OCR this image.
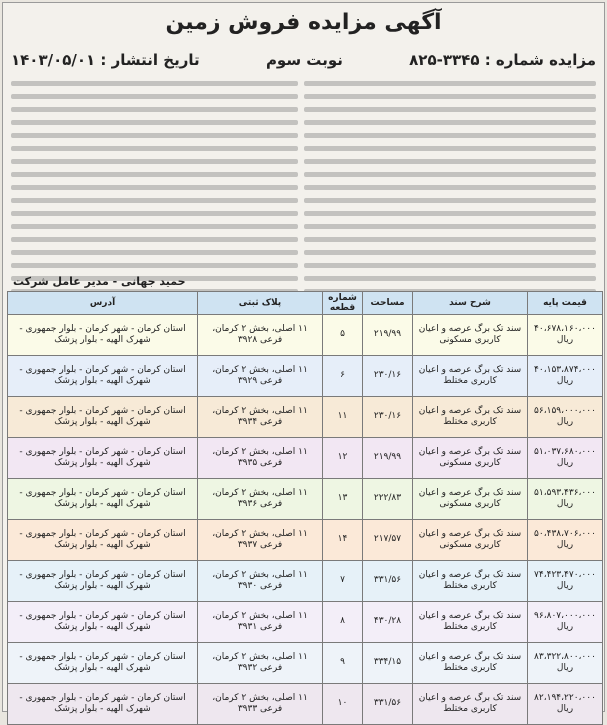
آگهی مزایده فروش زمین
مزایده شماره : ۳۳۴۵-۸۲۵
نوبت سوم
تاریخ انتشار : ۱۴۰۳/۰۵/۰۱
حمید جهانی - مدیر عامل شرکت
قیمت پایه	شرح سند	مساحت	شماره قطعه	پلاک ثبتی	آدرس
۴۰،۶۷۸،۱۶۰،۰۰۰ ریال	سند تک برگ عرصه و اعیان کاربری مسکونی	۲۱۹/۹۹	۵	۱۱ اصلی، بخش ۲ کرمان، فرعی ۳۹۲۸	استان کرمان - شهر کرمان - بلوار جمهوری - شهرک الهیه - بلوار پزشک
۴۰،۱۵۳،۸۷۴،۰۰۰ ریال	سند تک برگ عرصه و اعیان کاربری مختلط	۲۳۰/۱۶	۶	۱۱ اصلی، بخش ۲ کرمان، فرعی ۳۹۲۹	استان کرمان - شهر کرمان - بلوار جمهوری - شهرک الهیه - بلوار پزشک
۵۶،۱۵۹،۰۰۰،۰۰۰ ریال	سند تک برگ عرصه و اعیان کاربری مختلط	۲۳۰/۱۶	۱۱	۱۱ اصلی، بخش ۲ کرمان، فرعی ۳۹۳۴	استان کرمان - شهر کرمان - بلوار جمهوری - شهرک الهیه - بلوار پزشک
۵۱،۰۳۷،۶۸۰،۰۰۰ ریال	سند تک برگ عرصه و اعیان کاربری مسکونی	۲۱۹/۹۹	۱۲	۱۱ اصلی، بخش ۲ کرمان، فرعی ۳۹۳۵	استان کرمان - شهر کرمان - بلوار جمهوری - شهرک الهیه - بلوار پزشک
۵۱،۵۹۳،۴۳۶،۰۰۰ ریال	سند تک برگ عرصه و اعیان کاربری مسکونی	۲۲۲/۸۳	۱۳	۱۱ اصلی، بخش ۲ کرمان، فرعی ۳۹۳۶	استان کرمان - شهر کرمان - بلوار جمهوری - شهرک الهیه - بلوار پزشک
۵۰،۴۳۸،۷۰۶،۰۰۰ ریال	سند تک برگ عرصه و اعیان کاربری مسکونی	۲۱۷/۵۷	۱۴	۱۱ اصلی، بخش ۲ کرمان، فرعی ۳۹۳۷	استان کرمان - شهر کرمان - بلوار جمهوری - شهرک الهیه - بلوار پزشک
۷۴،۴۲۳،۴۷۰،۰۰۰ ریال	سند تک برگ عرصه و اعیان کاربری مختلط	۳۳۱/۵۶	۷	۱۱ اصلی، بخش ۲ کرمان، فرعی ۳۹۳۰	استان کرمان - شهر کرمان - بلوار جمهوری - شهرک الهیه - بلوار پزشک
۹۶،۸۰۷،۰۰۰،۰۰۰ ریال	سند تک برگ عرصه و اعیان کاربری مختلط	۴۳۰/۲۸	۸	۱۱ اصلی، بخش ۲ کرمان، فرعی ۳۹۳۱	استان کرمان - شهر کرمان - بلوار جمهوری - شهرک الهیه - بلوار پزشک
۸۳،۳۲۲،۸۰۰،۰۰۰ ریال	سند تک برگ عرصه و اعیان کاربری مختلط	۳۳۴/۱۵	۹	۱۱ اصلی، بخش ۲ کرمان، فرعی ۳۹۳۲	استان کرمان - شهر کرمان - بلوار جمهوری - شهرک الهیه - بلوار پزشک
۸۲،۱۹۴،۲۲۰،۰۰۰ ریال	سند تک برگ عرصه و اعیان کاربری مختلط	۳۳۱/۵۶	۱۰	۱۱ اصلی، بخش ۲ کرمان، فرعی ۳۹۳۳	استان کرمان - شهر کرمان - بلوار جمهوری - شهرک الهیه - بلوار پزشک
